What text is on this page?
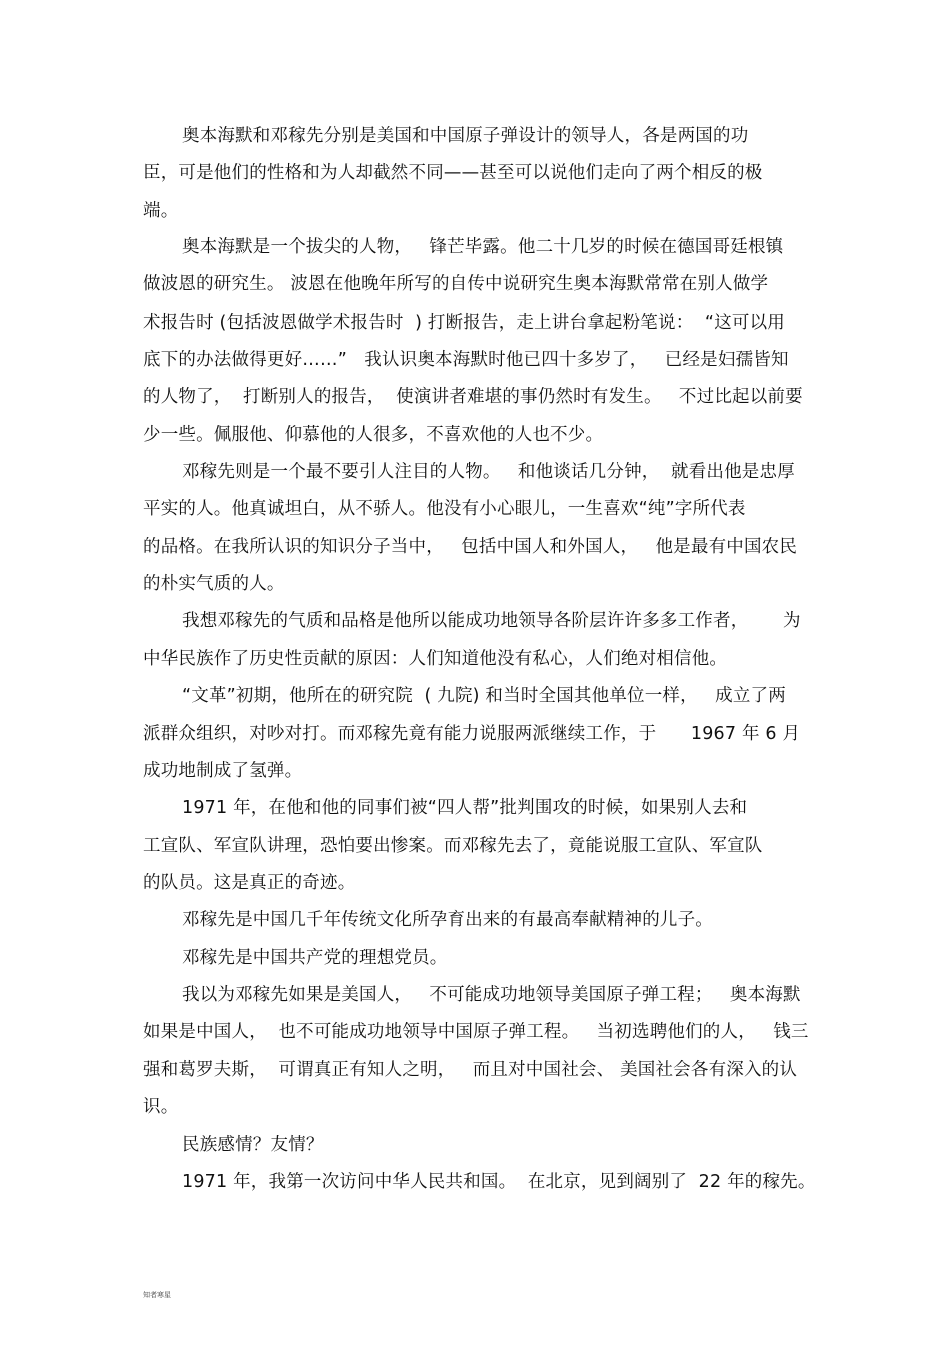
奥本海默和邓稼先分别是美国和中国原子弹设计的领导人，各是两国的功
臣，可是他们的性格和为人却截然不同——甚至可以说他们走向了两个相反的极
端。
奥本海默是一个拔尖的人物，   锋芒毕露。他二十几岁的时候在德国哥廷根镇
做波恩的研究生。 波恩在他晚年所写的自传中说研究生奥本海默常常在别人做学
术报告时 (包括波恩做学术报告时  ) 打断报告，走上讲台拿起粉笔说：  “这可以用
底下的办法做得更好……”   我认识奥本海默时他已四十多岁了，   已经是妇孺皆知
的人物了，  打断别人的报告，  使演讲者难堪的事仍然时有发生。   不过比起以前要
少一些。佩服他、仰慕他的人很多，不喜欢他的人也不少。
邓稼先则是一个最不要引人注目的人物。   和他谈话几分钟，  就看出他是忠厚
平实的人。他真诚坦白，从不骄人。他没有小心眼儿，一生喜欢“纯”字所代表
的品格。在我所认识的知识分子当中，   包括中国人和外国人，   他是最有中国农民
的朴实气质的人。
我想邓稼先的气质和品格是他所以能成功地领导各阶层许许多多工作者，      为
中华民族作了历史性贡献的原因：人们知道他没有私心，人们绝对相信他。
“文革”初期，他所在的研究院  ( 九院) 和当时全国其他单位一样，   成立了两
派群众组织，对吵对打。而邓稼先竟有能力说服两派继续工作，于      1967 年 6 月
成功地制成了氢弹。
1971 年，在他和他的同事们被“四人帮”批判围攻的时候，如果别人去和
工宣队、军宣队讲理，恐怕要出惨案。而邓稼先去了，竟能说服工宣队、军宣队
的队员。这是真正的奇迹。
邓稼先是中国几千年传统文化所孕育出来的有最高奉献精神的儿子。
邓稼先是中国共产党的理想党员。
我以为邓稼先如果是美国人，   不可能成功地领导美国原子弹工程；   奥本海默
如果是中国人，  也不可能成功地领导中国原子弹工程。   当初选聘他们的人，   钱三
强和葛罗夫斯，  可谓真正有知人之明，   而且对中国社会、 美国社会各有深入的认
识。
民族感情？友情？
1971 年，我第一次访问中华人民共和国。  在北京，见到阔别了  22 年的稼先。
知者寒星
